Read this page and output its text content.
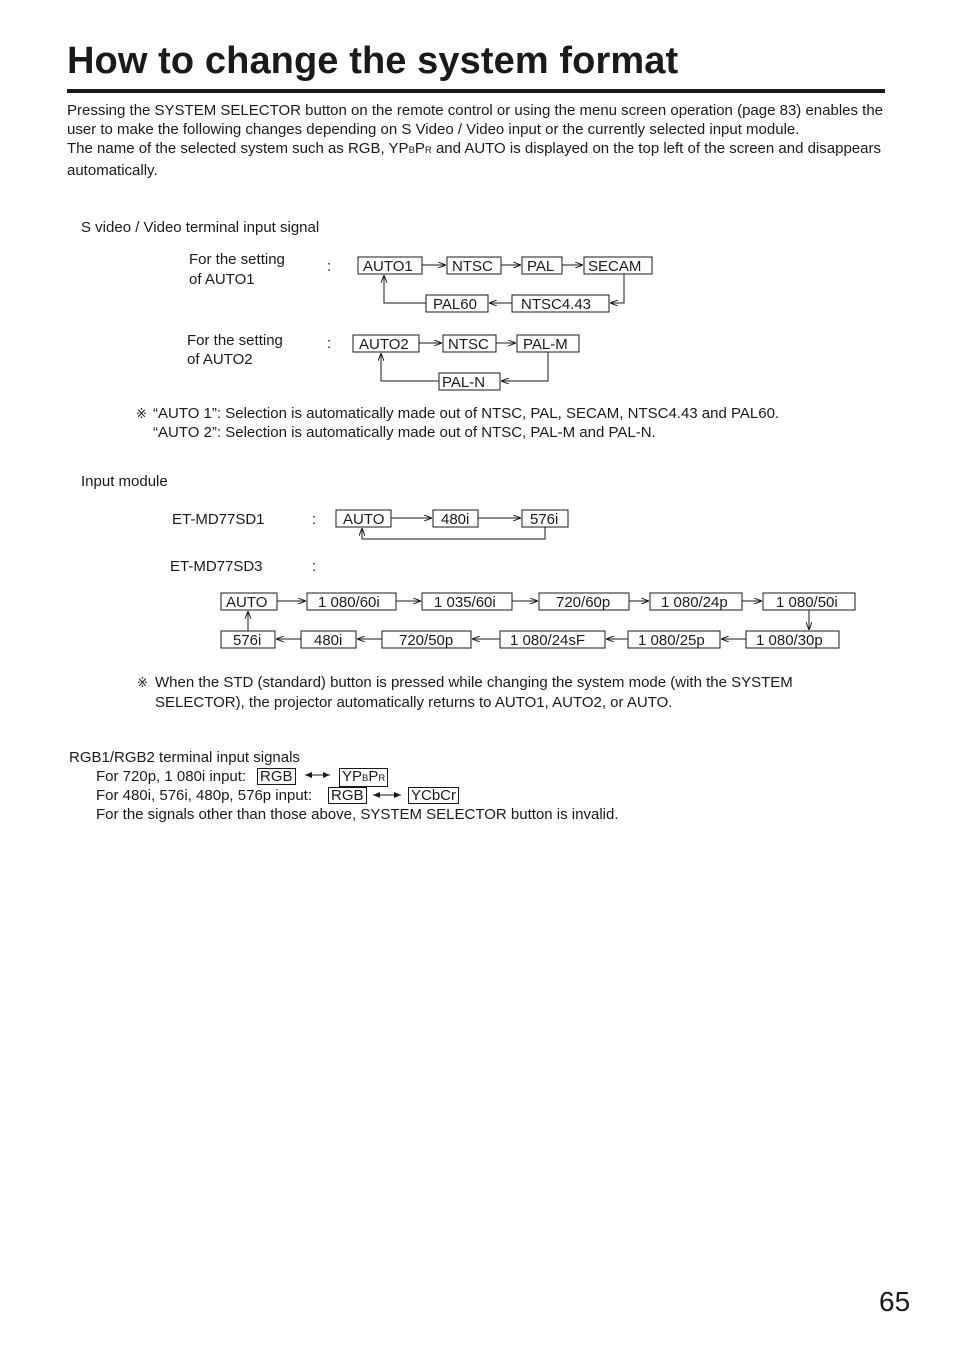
How to change the system format

Pressing the SYSTEM SELECTOR button on the remote control or using the menu screen operation (page 83) enables the user to make the following changes depending on S Video / Video input or the currently selected input module.

The name of the selected system such as RGB, YPBPR and AUTO is displayed on the top left of the screen and disappears automatically.

S video / Video terminal input signal
For the setting
of AUTO1
:
For the setting
of AUTO2
:
AUTO1	NTSC PAL SECAM
NTSC4.43
PAL60
AUTO2	NTSC PAL-M
PAL-N
AUTO	480i	576i
AUTO	1 080/60i	1 035/60i	720/60p	1 080/24p	1 080/50i
576i	480i	720/50p	1 080/24sF	1 080/25p	1 080/30p
※ “AUTO 1”: Selection is automatically made out of NTSC, PAL, SECAM, NTSC4.43 and PAL60.
“AUTO 2”: Selection is automatically made out of NTSC, PAL-M and PAL-N.
Input module
ET-MD77SD1	:
ET-MD77SD3	:
※ When the STD (standard) button is pressed while changing the system mode (with the SYSTEM
SELECTOR), the projector automatically returns to AUTO1, AUTO2, or AUTO.
RGB1/RGB2 terminal input signals
For 720p, 1 080i input: RGB	YPBPR
For 480i, 576i, 480p, 576p input: RGB	YCbCr
For the signals other than those above, SYSTEM SELECTOR button is invalid.
65
